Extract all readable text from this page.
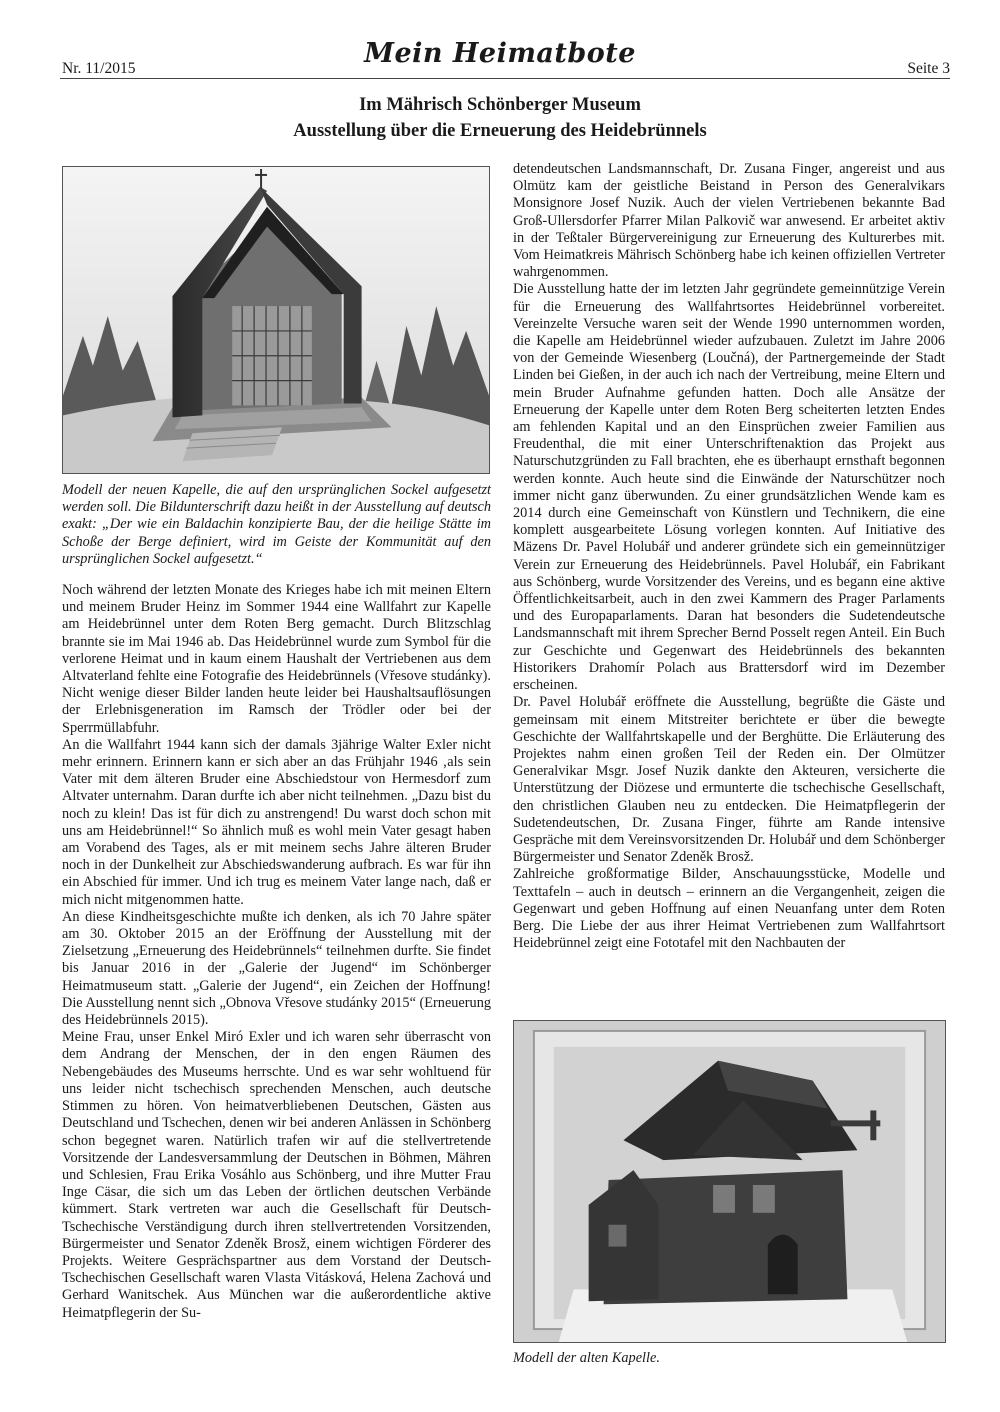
Nr. 11/2015	Mein Heimatbote	Seite 3
Im Mährisch Schönberger Museum
Ausstellung über die Erneuerung des Heidebrünnels
Modell der neuen Kapelle, die auf den ursprünglichen Sockel aufgesetzt werden soll. Die Bildunterschrift dazu heißt in der Ausstellung auf deutsch exakt: „Der wie ein Baldachin konzipierte Bau, der die heilige Stätte im Schoße der Berge definiert, wird im Geiste der Kommunität auf den ursprünglichen Sockel aufgesetzt.“

Noch während der letzten Monate des Krieges habe ich mit meinen Eltern und meinem Bruder Heinz im Sommer 1944 eine Wallfahrt zur Kapelle am Heidebrünnel unter dem Roten Berg gemacht. Durch Blitzschlag brannte sie im Mai 1946 ab. Das Heidebrünnel wurde zum Symbol für die verlorene Heimat und in kaum einem Haushalt der Vertriebenen aus dem Altvaterland fehlte eine Fotografie des Heidebrünnels (Vřesove studánky). Nicht wenige dieser Bilder landen heute leider bei Haushaltsauflösungen der Erlebnisgeneration im Ramsch der Trödler oder bei der Sperrmüllabfuhr.

An die Wallfahrt 1944 kann sich der damals 3jährige Walter Exler nicht mehr erinnern. Erinnern kann er sich aber an das Frühjahr 1946 ‚als sein Vater mit dem älteren Bruder eine Abschiedstour von Hermesdorf zum Altvater unternahm. Daran durfte ich aber nicht teilnehmen. „Dazu bist du noch zu klein! Das ist für dich zu anstrengend! Du warst doch schon mit uns am Heidebrünnel!“ So ähnlich muß es wohl mein Vater gesagt haben am Vorabend des Tages, als er mit meinem sechs Jahre älteren Bruder noch in der Dunkelheit zur Abschiedswanderung aufbrach. Es war für ihn ein Abschied für immer. Und ich trug es meinem Vater lange nach, daß er mich nicht mitgenommen hatte.

An diese Kindheitsgeschichte mußte ich denken, als ich 70 Jahre später am 30. Oktober 2015 an der Eröffnung der Ausstellung mit der Zielsetzung „Erneuerung des Heidebrünnels“ teilnehmen durfte. Sie findet bis Januar 2016 in der „Galerie der Jugend“ im Schönberger Heimatmuseum statt. „Galerie der Jugend“, ein Zeichen der Hoffnung! Die Ausstellung nennt sich „Obnova Vřesove studánky 2015“ (Erneuerung des Heidebrünnels 2015).

Meine Frau, unser Enkel Miró Exler und ich waren sehr überrascht von dem Andrang der Menschen, der in den engen Räumen des Nebengebäudes des Museums herrschte. Und es war sehr wohltuend für uns leider nicht tschechisch sprechenden Menschen, auch deutsche Stimmen zu hören. Von heimatverbliebenen Deutschen, Gästen aus Deutschland und Tschechen, denen wir bei anderen Anlässen in Schönberg schon begegnet waren. Natürlich trafen wir auf die stellvertretende Vorsitzende der Landesversammlung der Deutschen in Böhmen, Mähren und Schlesien, Frau Erika Vosáhlo aus Schönberg, und ihre Mutter Frau Inge Cäsar, die sich um das Leben der örtlichen deutschen Verbände kümmert. Stark vertreten war auch die Gesellschaft für Deutsch-Tschechische Verständigung durch ihren stellvertretenden Vorsitzenden, Bürgermeister und Senator Zdeněk Brosž, einem wichtigen Förderer des Projekts. Weitere Gesprächspartner aus dem Vorstand der Deutsch-Tschechischen Gesellschaft waren Vlasta Vitásková, Helena Zachová und Gerhard Wanitschek. Aus München war die außerordentliche aktive Heimatpflegerin der Su-

detendeutschen Landsmannschaft, Dr. Zusana Finger, angereist und aus Olmütz kam der geistliche Beistand in Person des Generalvikars Monsignore Josef Nuzik. Auch der vielen Vertriebenen bekannte Bad Groß-Ullersdorfer Pfarrer Milan Palkovič war anwesend. Er arbeitet aktiv in der Teßtaler Bürgervereinigung zur Erneuerung des Kulturerbes mit. Vom Heimatkreis Mährisch Schönberg habe ich keinen offiziellen Vertreter wahrgenommen.

Die Ausstellung hatte der im letzten Jahr gegründete gemeinnützige Verein für die Erneuerung des Wallfahrtsortes Heidebrünnel vorbereitet. Vereinzelte Versuche waren seit der Wende 1990 unternommen worden, die Kapelle am Heidebrünnel wieder aufzubauen. Zuletzt im Jahre 2006 von der Gemeinde Wiesenberg (Loučná), der Partnergemeinde der Stadt Linden bei Gießen, in der auch ich nach der Vertreibung, meine Eltern und mein Bruder Aufnahme gefunden hatten. Doch alle Ansätze der Erneuerung der Kapelle unter dem Roten Berg scheiterten letzten Endes am fehlenden Kapital und an den Einsprüchen zweier Familien aus Freudenthal, die mit einer Unterschriftenaktion das Projekt aus Naturschutzgründen zu Fall brachten, ehe es überhaupt ernsthaft begonnen werden konnte. Auch heute sind die Einwände der Naturschützer noch immer nicht ganz überwunden. Zu einer grundsätzlichen Wende kam es 2014 durch eine Gemeinschaft von Künstlern und Technikern, die eine komplett ausgearbeitete Lösung vorlegen konnten. Auf Initiative des Mäzens Dr. Pavel Holubář und anderer gründete sich ein gemeinnütziger Verein zur Erneuerung des Heidebrünnels. Pavel Holubář, ein Fabrikant aus Schönberg, wurde Vorsitzender des Vereins, und es begann eine aktive Öffentlichkeitsarbeit, auch in den zwei Kammern des Prager Parlaments und des Europaparlaments. Daran hat besonders die Sudetendeutsche Landsmannschaft mit ihrem Sprecher Bernd Posselt regen Anteil. Ein Buch zur Geschichte und Gegenwart des Heidebrünnels des bekannten Historikers Drahomír Polach aus Brattersdorf wird im Dezember erscheinen.

Dr. Pavel Holubář eröffnete die Ausstellung, begrüßte die Gäste und gemeinsam mit einem Mitstreiter berichtete er über die bewegte Geschichte der Wallfahrtskapelle und der Berghütte. Die Erläuterung des Projektes nahm einen großen Teil der Reden ein. Der Olmützer Generalvikar Msgr. Josef Nuzik dankte den Akteuren, versicherte die Unterstützung der Diözese und ermunterte die tschechische Gesellschaft, den christlichen Glauben neu zu entdecken. Die Heimatpflegerin der Sudetendeutschen, Dr. Zusana Finger, führte am Rande intensive Gespräche mit dem Vereinsvorsitzenden Dr. Holubář und dem Schönberger Bürgermeister und Senator Zdeněk Brosž.

Zahlreiche großformatige Bilder, Anschauungsstücke, Modelle und Texttafeln – auch in deutsch – erinnern an die Vergangenheit, zeigen die Gegenwart und geben Hoffnung auf einen Neuanfang unter dem Roten Berg. Die Liebe der aus ihrer Heimat Vertriebenen zum Wallfahrtsort Heidebrünnel zeigt eine Fototafel mit den Nachbauten der

Modell der alten Kapelle.
